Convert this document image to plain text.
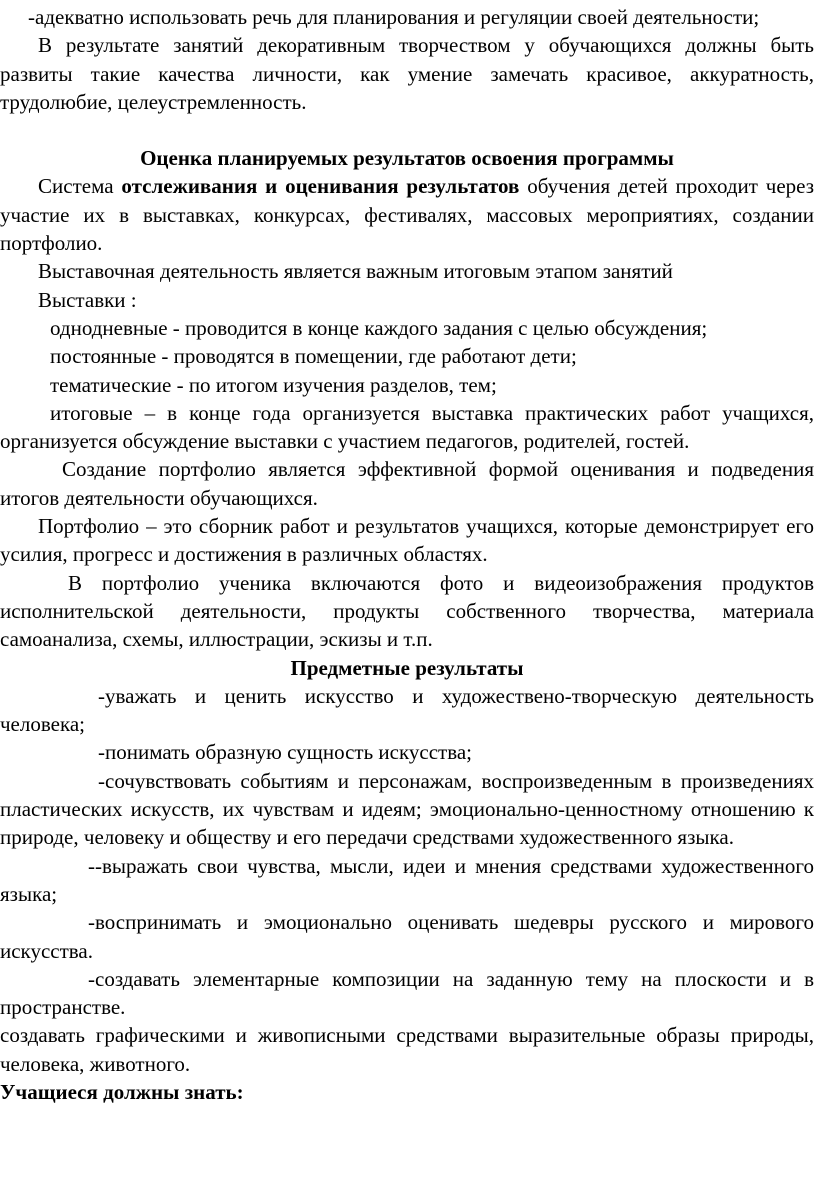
-адекватно использовать речь для планирования и регуляции своей деятельности;

В результате занятий декоративным творчеством у обучающихся должны быть развиты такие качества личности, как умение замечать красивое, аккуратность, трудолюбие, целеустремленность.

Оценка планируемых результатов освоения программы

Система отслеживания и оценивания результатов обучения детей проходит через участие их в выставках, конкурсах, фестивалях, массовых мероприятиях, создании портфолио.

Выставочная деятельность является важным итоговым этапом занятий

Выставки :

однодневные - проводится в конце каждого задания с целью обсуждения;

постоянные - проводятся в помещении, где работают дети;

тематические - по итогом изучения разделов, тем;

итоговые – в конце года организуется выставка практических работ учащихся, организуется обсуждение выставки с участием педагогов, родителей, гостей.

Создание портфолио является эффективной формой оценивания и подведения итогов деятельности обучающихся.

Портфолио – это сборник работ и результатов учащихся, которые демонстрирует его усилия, прогресс и достижения в различных областях.

В портфолио ученика включаются фото и видеоизображения продуктов исполнительской деятельности, продукты собственного творчества, материала самоанализа, схемы, иллюстрации, эскизы и т.п.

Предметные результаты

-уважать и ценить искусство и художествено-творческую деятельность человека;

-понимать образную сущность искусства;

-сочувствовать событиям и персонажам, воспроизведенным в произведениях пластических искусств, их чувствам и идеям; эмоционально-ценностному отношению к природе, человеку и обществу и его передачи средствами художественного языка.

--выражать свои чувства, мысли, идеи и мнения средствами художественного языка;

-воспринимать и эмоционально оценивать шедевры русского и мирового искусства.

-создавать элементарные композиции на заданную тему на плоскости и в пространстве.

создавать графическими и живописными средствами выразительные образы природы, человека, животного.

Учащиеся должны знать:
